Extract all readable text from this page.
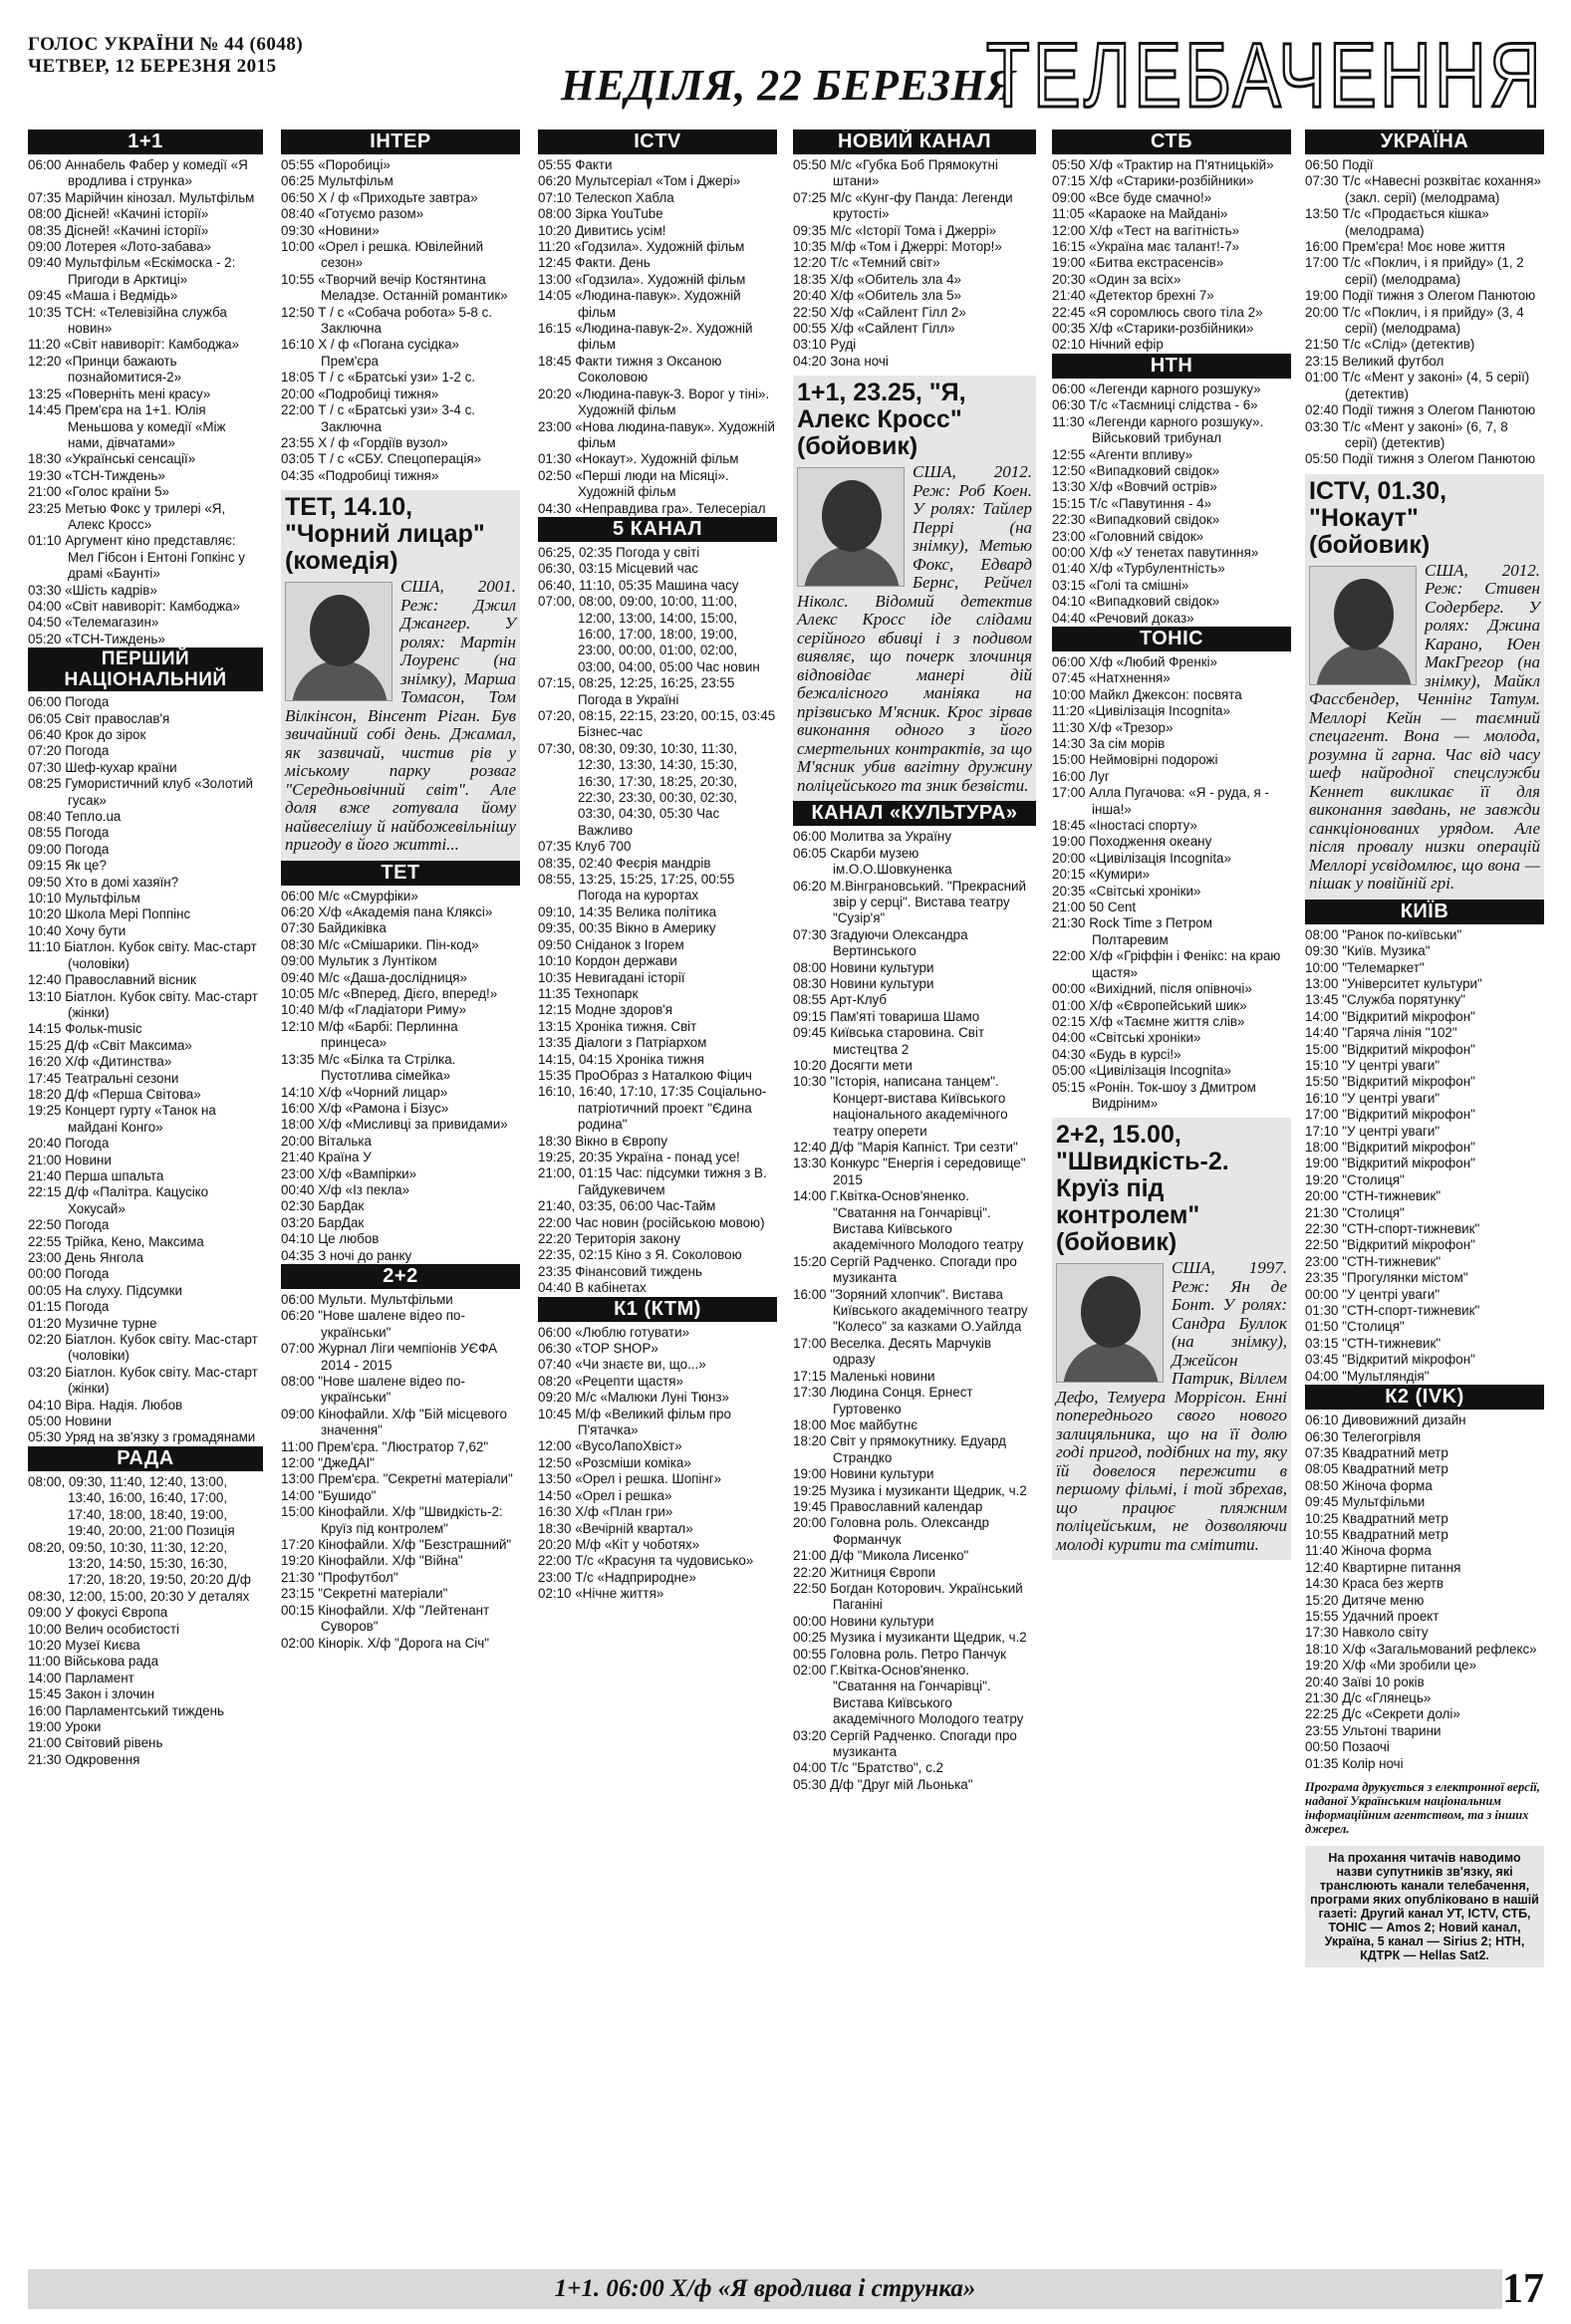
ГОЛОС УКРАЇНИ № 44 (6048)
ЧЕТВЕР, 12 БЕРЕЗНЯ 2015	НЕДІЛЯ, 22 БЕРЕЗНЯ
ТЕЛЕБАЧЕННЯ
1+1
06:00 Аннабель Фабер у комедії «Я вродлива і струнка»
07:35 Марійчин кінозал. Мультфільм
08:00 Дісней! «Качині історії»
08:35 Дісней! «Качині історії»
09:00 Лотерея «Лото-забава»
09:40 Мультфільм «Ескімоска - 2: Пригоди в Арктиці»
09:45 «Маша і Ведмідь»
10:35 ТСН: «Телевізійна служба новин»
11:20 «Світ навиворіт: Камбоджа»
12:20 «Принци бажають познайомитися-2»
13:25 «Поверніть мені красу»
14:45 Прем'єра на 1+1. Юлія Меньшова у комедії «Між нами, дівчатами»
18:30 «Українські сенсації»
19:30 «ТСН-Тиждень»
21:00 «Голос країни 5»
23:25 Метью Фокс у трилері «Я, Алекс Кросс»
01:10 Аргумент кіно представляє: Мел Гібсон і Ентоні Гопкінс у драмі «Баунті»
03:30 «Шість кадрів»
04:00 «Світ навиворіт: Камбоджа»
04:50 «Телемагазин»
05:20 «ТСН-Тиждень»
ПЕРШИЙ НАЦІОНАЛЬНИЙ
06:00 Погода
06:05 Світ православ'я
06:40 Крок до зірок
07:20 Погода
07:30 Шеф-кухар країни
08:25 Гумористичний клуб «Золотий гусак»
08:40 Тепло.ua
08:55 Погода
09:00 Погода
09:15 Як це?
09:50 Хто в домі хазяїн?
10:10 Мультфільм
10:20 Школа Мері Поппінс
10:40 Хочу бути
11:10 Біатлон. Кубок світу. Мас-старт (чоловіки)
12:40 Православний вісник
13:10 Біатлон. Кубок світу. Мас-старт (жінки)
14:15 Фольк-music
15:25 Д/ф «Світ Максима»
16:20 Х/ф «Дитинства»
17:45 Театральні сезони
18:20 Д/ф «Перша Світова»
19:25 Концерт гурту «Танок на майдані Конго»
20:40 Погода
21:00 Новини
21:40 Перша шпальта
22:15 Д/ф «Палітра. Кацусіко Хокусай»
22:50 Погода
22:55 Трійка, Кено, Максима
23:00 День Янгола
00:00 Погода
00:05 На слуху. Підсумки
01:15 Погода
01:20 Музичне турне
02:20 Біатлон. Кубок світу. Мас-старт (чоловіки)
03:20 Біатлон. Кубок світу. Мас-старт (жінки)
04:10 Віра. Надія. Любов
05:00 Новини
05:30 Уряд на зв'язку з громадянами
РАДА
08:00, 09:30, 11:40, 12:40, 13:00, 13:40, 16:00, 16:40, 17:00, 17:40, 18:00, 18:40, 19:00, 19:40, 20:00, 21:00 Позиція
08:20, 09:50, 10:30, 11:30, 12:20, 13:20, 14:50, 15:30, 16:30, 17:20, 18:20, 19:50, 20:20 Д/ф
08:30, 12:00, 15:00, 20:30 У деталях
09:00 У фокусі Європа
10:00 Велич особистості
10:20 Музеї Києва
11:00 Військова рада
14:00 Парламент
15:45 Закон і злочин
16:00 Парламентський тиждень
19:00 Уроки
21:00 Світовий рівень
21:30 Одкровення
ІНТЕР
05:55 «Поробиці»
06:25 Мультфільм
06:50 Х / ф «Приходьте завтра»
08:40 «Готуємо разом»
09:30 «Новини»
10:00 «Орел і решка. Ювілейний сезон»
10:55 «Творчий вечір Костянтина Меладзе. Останній романтик»
12:50 Т / с «Собача робота» 5-8 с. Заключна
16:10 Х / ф «Погана сусідка» Прем'єра
18:05 Т / с «Братські узи» 1-2 с.
20:00 «Подробиці тижня»
22:00 Т / с «Братські узи» 3-4 с. Заключна
23:55 Х / ф «Гордіїв вузол»
03:05 Т / с «СБУ. Спецоперація»
04:35 «Подробиці тижня»
ТЕТ, 14.10, "Чорний лицар" (комедія)
США, 2001. Реж: Джил Джангер. У ролях: Мартін Лоуренс (на знімку), Марша Томасон, Том Вілкінсон, Вінсент Ріган. Був звичайний собі день. Джамал, як зазвичай, чистив рів у міському парку розваг "Середньовічний світ". Але доля вже готувала йому найвеселішу й найбожевільнішу пригоду в його житті...
ТЕТ
06:00 М/с «Смурфіки»
06:20 Х/ф «Академія пана Кляксі»
07:30 Байдиківка
08:30 М/с «Смішарики. Пін-код»
09:00 Мультик з Лунтіком
09:40 М/с «Даша-дослідниця»
10:05 М/с «Вперед, Дієго, вперед!»
10:40 М/ф «Гладіатори Риму»
12:10 М/ф «Барбі: Перлинна принцеса»
13:35 М/с «Білка та Стрілка. Пустотлива сімейка»
14:10 Х/ф «Чорний лицар»
16:00 Х/ф «Рамона і Бізус»
18:00 Х/ф «Мисливці за привидами»
20:00 Віталька
21:40 Країна У
23:00 Х/ф «Вампірки»
00:40 Х/ф «Із пекла»
02:30 БарДак
03:20 БарДак
04:10 Це любов
04:35 З ночі до ранку
2+2
06:00 Мульти. Мультфільми
06:20 "Нове шалене відео по-українськи"
07:00 Журнал Ліги чемпіонів УЄФА 2014 - 2015
08:00 "Нове шалене відео по-українськи"
09:00 Кінофайли. Х/ф "Бій місцевого значення"
11:00 Прем'єра. "Люстратор 7,62"
12:00 "ДжеДАІ"
13:00 Прем'єра. "Секретні матеріали"
14:00 "Бушидо"
15:00 Кінофайли. Х/ф "Швидкість-2: Круїз під контролем"
17:20 Кінофайли. Х/ф "Безстрашний"
19:20 Кінофайли. Х/ф "Війна"
21:30 "Профутбол"
23:15 "Секретні матеріали"
00:15 Кінофайли. Х/ф "Лейтенант Суворов"
02:00 Кінорік. Х/ф "Дорога на Січ"
ICTV
05:55 Факти
06:20 Мультсеріал «Том і Джері»
07:10 Телескоп Хабла
08:00 Зірка YouTube
10:20 Дивитись усім!
11:20 «Годзила». Художній фільм
12:45 Факти. День
13:00 «Годзила». Художній фільм
14:05 «Людина-павук». Художній фільм
16:15 «Людина-павук-2». Художній фільм
18:45 Факти тижня з Оксаною Соколовою
20:20 «Людина-павук-3. Ворог у тіні». Художній фільм
23:00 «Нова людина-павук». Художній фільм
01:30 «Нокаут». Художній фільм
02:50 «Перші люди на Місяці». Художній фільм
04:30 «Неправдива гра». Телесеріал
5 КАНАЛ
06:25, 02:35 Погода у світі
06:30, 03:15 Місцевий час
06:40, 11:10, 05:35 Машина часу
07:00, 08:00, 09:00, 10:00, 11:00, 12:00, 13:00, 14:00, 15:00, 16:00, 17:00, 18:00, 19:00, 23:00, 00:00, 01:00, 02:00, 03:00, 04:00, 05:00 Час новин
07:15, 08:25, 12:25, 16:25, 23:55 Погода в Україні
07:20, 08:15, 22:15, 23:20, 00:15, 03:45 Бізнес-час
07:30, 08:30, 09:30, 10:30, 11:30, 12:30, 13:30, 14:30, 15:30, 16:30, 17:30, 18:25, 20:30, 22:30, 23:30, 00:30, 02:30, 03:30, 04:30, 05:30 Час Важливо
07:35 Клуб 700
08:35, 02:40 Феєрія мандрів
08:55, 13:25, 15:25, 17:25, 00:55 Погода на курортах
09:10, 14:35 Велика політика
09:35, 00:35 Вікно в Америку
09:50 Сніданок з Ігорем
10:10 Кордон держави
10:35 Невигадані історії
11:35 Технопарк
12:15 Модне здоров'я
13:15 Хроніка тижня. Світ
13:35 Діалоги з Патріархом
14:15, 04:15 Хроніка тижня
15:35 ПроОбраз з Наталкою Фіцич
16:10, 16:40, 17:10, 17:35 Соціально-патріотичний проект "Єдина родина"
18:30 Вікно в Європу
19:25, 20:35 Україна - понад усе!
21:00, 01:15 Час: підсумки тижня з В. Гайдукевичем
21:40, 03:35, 06:00 Час-Тайм
22:00 Час новин (російською мовою)
22:20 Територія закону
22:35, 02:15 Кіно з Я. Соколовою
23:35 Фінансовий тиждень
04:40 В кабінетах
К1 (КТМ)
06:00 «Люблю готувати»
06:30 «TOP SHOP»
07:40 «Чи знаєте ви, що...»
08:20 «Рецепти щастя»
09:20 М/с «Малюки Луні Тюнз»
10:45 М/ф «Великий фільм про П'ятачка»
12:00 «ВусоЛапоХвіст»
12:50 «Розсміши коміка»
13:50 «Орел і решка. Шопінг»
14:50 «Орел і решка»
16:30 Х/ф «План гри»
18:30 «Вечірній квартал»
20:20 М/ф «Кіт у чоботях»
22:00 Т/с «Красуня та чудовисько»
23:00 Т/с «Надприродне»
02:10 «Нічне життя»
НОВИЙ КАНАЛ
05:50 М/с «Губка Боб Прямокутні штани»
07:25 М/с «Кунг-фу Панда: Легенди крутості»
09:35 М/с «Історії Тома і Джеррі»
10:35 М/ф «Том і Джеррі: Мотор!»
12:20 Т/с «Темний світ»
18:35 Х/ф «Обитель зла 4»
20:40 Х/ф «Обитель зла 5»
22:50 Х/ф «Сайлент Гілл 2»
00:55 Х/ф «Сайлент Гілл»
03:10 Руді
04:20 Зона ночі
1+1, 23.25, "Я, Алекс Кросс" (бойовик)
США, 2012. Реж: Роб Коен. У ролях: Тайлер Перрі (на знімку), Метью Фокс, Едвард Бернс, Рейчел Ніколс. Відомий детектив Алекс Кросс іде слідами серійного вбивці і з подивом виявляє, що почерк злочинця відповідає манері дій бежалісного маніяка на прізвисько М'ясник. Крос зірвав виконання одного з його смертельних контрактів, за що М'ясник убив вагітну дружину поліцейського та зник безвісти.
КАНАЛ «КУЛЬТУРА»
06:00 Молитва за Україну
06:05 Скарби музею ім.О.О.Шовкуненка
06:20 М.Вінграновський. "Прекрасний звір у серці". Вистава театру "Сузір'я"
07:30 Згадуючи Олександра Вертинського
08:00 Новини культури
08:30 Новини культури
08:55 Арт-Клуб
09:15 Пам'яті товариша Шамо
09:45 Київська старовина. Світ мистецтва 2
10:20 Досягти мети
10:30 "Історія, написана танцем". Концерт-вистава Київського національного академічного театру оперети
12:40 Д/ф "Марія Капніст. Три сезти"
13:30 Конкурс "Енергія і середовище" 2015
14:00 Г.Квітка-Основ'яненко. "Сватання на Гончарівці". Вистава Київського академічного Молодого театру
15:20 Сергій Радченко. Спогади про музиканта
16:00 "Зоряний хлопчик". Вистава Київського академічного театру "Колесо" за казками О.Уайлда
17:00 Веселка. Десять Марчуків одразу
17:15 Маленькі новини
17:30 Людина Сонця. Ернест Гуртовенко
18:00 Моє майбутнє
18:20 Світ у прямокутнику. Едуард Страндко
19:00 Новини культури
19:25 Музика і музиканти Щедрик, ч.2
19:45 Православний календар
20:00 Головна роль. Олександр Форманчук
21:00 Д/ф "Микола Лисенко"
22:20 Житниця Європи
22:50 Богдан Которович. Український Паганіні
00:00 Новини культури
00:25 Музика і музиканти Щедрик, ч.2
00:55 Головна роль. Петро Панчук
02:00 Г.Квітка-Основ'яненко. "Сватання на Гончарівці". Вистава Київського академічного Молодого театру
03:20 Сергій Радченко. Спогади про музиканта
04:00 Т/с "Братство", с.2
05:30 Д/ф "Друг мій Льонька"
СТБ
05:50 Х/ф «Трактир на П'ятницькій»
07:15 Х/ф «Старики-розбійники»
09:00 «Все буде смачно!»
11:05 «Караоке на Майдані»
12:00 Х/ф «Тест на вагітність»
16:15 «Україна має талант!-7»
19:00 «Битва екстрасенсів»
20:30 «Один за всіх»
21:40 «Детектор брехні 7»
22:45 «Я соромлюсь свого тіла 2»
00:35 Х/ф «Старики-розбійники»
02:10 Нічний ефір
НТН
06:00 «Легенди карного розшуку»
06:30 Т/с «Таємниці слідства - 6»
11:30 «Легенди карного розшуку». Військовий трибунал
12:55 «Агенти впливу»
12:50 «Випадковий свідок»
13:30 Х/ф «Вовчий острів»
15:15 Т/с «Павутиння - 4»
22:30 «Випадковий свідок»
23:00 «Головний свідок»
00:00 Х/ф «У тенетах павутиння»
01:40 Х/ф «Турбулентність»
03:15 «Голі та смішні»
04:10 «Випадковий свідок»
04:40 «Речовий доказ»
ТОНІС
06:00 Х/ф «Любий Френкі»
07:45 «Натхнення»
10:00 Майкл Джексон: посвята
11:20 «Цивілізація Incognita»
11:30 Х/ф «Трезор»
14:30 За сім морів
15:00 Неймовірні подорожі
16:00 Луг
17:00 Алла Пугачова: «Я - руда, я - інша!»
18:45 «Іностасі спорту»
19:00 Походження океану
20:00 «Цивілізація Incognita»
20:15 «Кумири»
20:35 «Світські хроніки»
21:00 50 Cent
21:30 Rock Time з Петром Полтаревим
22:00 Х/ф «Гріффін і Фенікс: на краю щастя»
00:00 «Вихідний, після опівночі»
01:00 Х/ф «Європейський шик»
02:15 Х/ф «Таємне життя слів»
04:00 «Світські хроніки»
04:30 «Будь в курсі!»
05:00 «Цивілізація Incognita»
05:15 «Ронін. Ток-шоу з Дмитром Видріним»
2+2, 15.00, "Швидкість-2. Круїз під контролем" (бойовик)
США, 1997. Реж: Ян де Бонт. У ролях: Сандра Буллок (на знімку), Джейсон Патрик, Віллем Дефо, Темуера Моррісон. Енні попереднього свого нового залицяльника, що на її долю годі пригод, подібних на ту, яку їй довелося пережити в першому фільмі, і той збрехав, що працює пляжним поліцейським, не дозволяючи молоді курити та смітити.
УКРАЇНА
06:50 Події
07:30 Т/с «Навесні розквітає кохання» (закл. серії) (мелодрама)
13:50 Т/с «Продається кішка» (мелодрама)
16:00 Прем'єра! Моє нове життя
17:00 Т/с «Поклич, і я прийду» (1, 2 серії) (мелодрама)
19:00 Події тижня з Олегом Панютою
20:00 Т/с «Поклич, і я прийду» (3, 4 серії) (мелодрама)
21:50 Т/с «Слід» (детектив)
23:15 Великий футбол
01:00 Т/с «Мент у законі» (4, 5 серії) (детектив)
02:40 Події тижня з Олегом Панютою
03:30 Т/с «Мент у законі» (6, 7, 8 серії) (детектив)
05:50 Події тижня з Олегом Панютою
ICTV, 01.30, "Нокаут" (бойовик)
США, 2012. Реж: Стивен Содерберг. У ролях: Джина Карано, Юен МакГрегор (на знімку), Майкл Фассбендер, Ченнінг Татум. Меллорі Кейн — таємний спецагент. Вона — молода, розумна й гарна. Час від часу шеф найродної спецслужби Кеннет викликає її для виконання завдань, не завжди санкціонованих урядом. Але після провалу низки операцій Меллорі усвідомлює, що вона — пішак у повійній грі.
КИЇВ
08:00 "Ранок по-київськи"
09:30 "Київ. Музика"
10:00 "Телемаркет"
13:00 "Університет культури"
13:45 "Служба порятунку"
14:00 "Відкритий мікрофон"
14:40 "Гаряча лінія "102"
15:00 "Відкритий мікрофон"
15:10 "У центрі уваги"
15:50 "Відкритий мікрофон"
16:10 "У центрі уваги"
17:00 "Відкритий мікрофон"
17:10 "У центрі уваги"
18:00 "Відкритий мікрофон"
19:00 "Відкритий мікрофон"
19:20 "Столиця"
20:00 "СТН-тижневик"
21:30 "Столиця"
22:30 "СТН-спорт-тижневик"
22:50 "Відкритий мікрофон"
23:00 "СТН-тижневик"
23:35 "Прогулянки містом"
00:00 "У центрі уваги"
01:30 "СТН-спорт-тижневик"
01:50 "Столиця"
03:15 "СТН-тижневик"
03:45 "Відкритий мікрофон"
04:00 "Мультляндія"
К2 (IVK)
06:10 Дивовижний дизайн
06:30 Телегогрівля
07:35 Квадратний метр
08:05 Квадратний метр
08:50 Жіноча форма
09:45 Мультфільми
10:25 Квадратний метр
10:55 Квадратний метр
11:40 Жіноча форма
12:40 Квартирне питання
14:30 Краса без жертв
15:20 Дитяче меню
15:55 Удачний проект
17:30 Навколо світу
18:10 Х/ф «Загальмований рефлекс»
19:20 Х/ф «Ми зробили це»
20:40 Заїві 10 років
21:30 Д/с «Глянець»
22:25 Д/с «Секрети долі»
23:55 Ультоні тварини
00:50 Позаочі
01:35 Колір ночі
Програма друкується з електронної версії, наданої Українським національним інформаційним агентством, та з інших джерел.
На прохання читачів наводимо назви супутників зв'язку, які транслюють канали телебачення, програми яких опубліковано в нашій газеті: Другий канал УТ, ICTV, СТБ, ТОНІС — Amos 2; Новий канал, Україна, 5 канал — Sirius 2; НТН, КДТРК — Hellas Sat2.
1+1. 06:00 Х/ф «Я вродлива і струнка»	17
